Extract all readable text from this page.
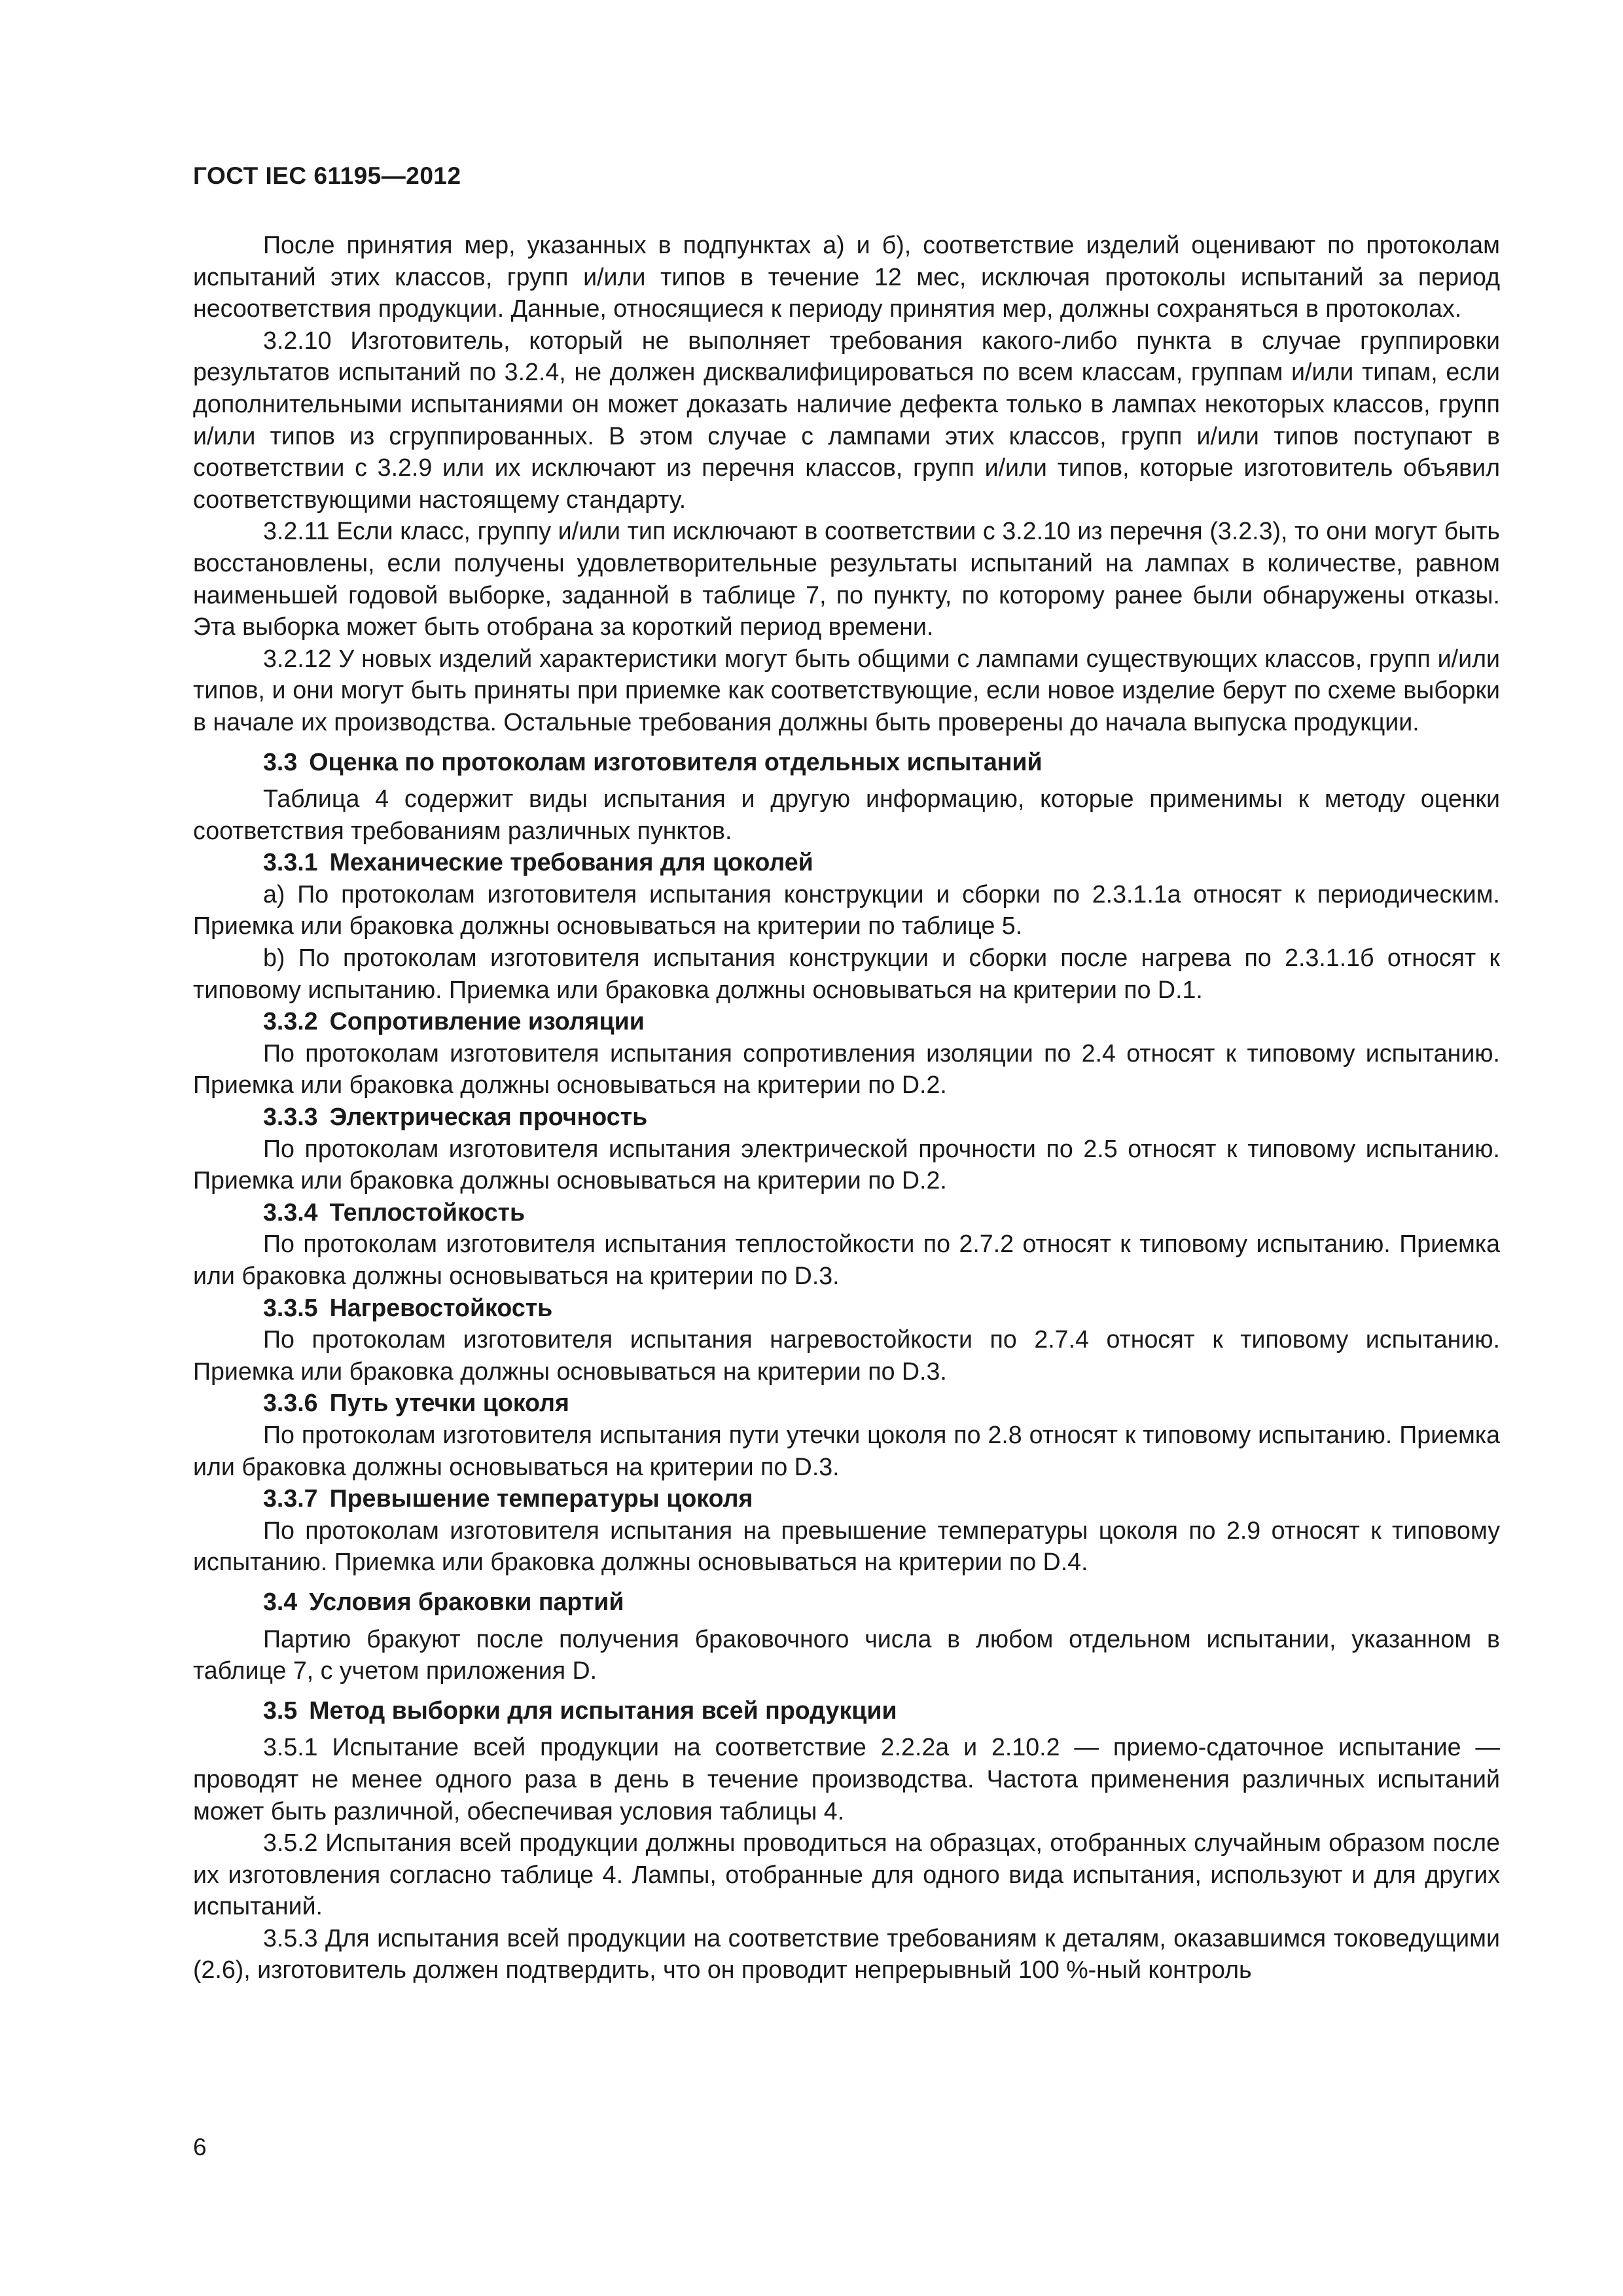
ГОСТ IEC 61195—2012

После принятия мер, указанных в подпунктах а) и б), соответствие изделий оценивают по протоколам испытаний этих классов, групп и/или типов в течение 12 мес, исключая протоколы испытаний за период несоответствия продукции. Данные, относящиеся к периоду принятия мер, должны сохраняться в протоколах.

3.2.10 Изготовитель, который не выполняет требования какого-либо пункта в случае группировки результатов испытаний по 3.2.4, не должен дисквалифицироваться по всем классам, группам и/или типам, если дополнительными испытаниями он может доказать наличие дефекта только в лампах некоторых классов, групп и/или типов из сгруппированных. В этом случае с лампами этих классов, групп и/или типов поступают в соответствии с 3.2.9 или их исключают из перечня классов, групп и/или типов, которые изготовитель объявил соответствующими настоящему стандарту.

3.2.11 Если класс, группу и/или тип исключают в соответствии с 3.2.10 из перечня (3.2.3), то они могут быть восстановлены, если получены удовлетворительные результаты испытаний на лампах в количестве, равном наименьшей годовой выборке, заданной в таблице 7, по пункту, по которому ранее были обнаружены отказы. Эта выборка может быть отобрана за короткий период времени.

3.2.12 У новых изделий характеристики могут быть общими с лампами существующих классов, групп и/или типов, и они могут быть приняты при приемке как соответствующие, если новое изделие берут по схеме выборки в начале их производства. Остальные требования должны быть проверены до начала выпуска продукции.

3.3 Оценка по протоколам изготовителя отдельных испытаний

Таблица 4 содержит виды испытания и другую информацию, которые применимы к методу оценки соответствия требованиям различных пунктов.

3.3.1 Механические требования для цоколей

a) По протоколам изготовителя испытания конструкции и сборки по 2.3.1.1а относят к периодическим. Приемка или браковка должны основываться на критерии по таблице 5.

b) По протоколам изготовителя испытания конструкции и сборки после нагрева по 2.3.1.1б относят к типовому испытанию. Приемка или браковка должны основываться на критерии по D.1.

3.3.2 Сопротивление изоляции

По протоколам изготовителя испытания сопротивления изоляции по 2.4 относят к типовому испытанию. Приемка или браковка должны основываться на критерии по D.2.

3.3.3 Электрическая прочность

По протоколам изготовителя испытания электрической прочности по 2.5 относят к типовому испытанию. Приемка или браковка должны основываться на критерии по D.2.

3.3.4 Теплостойкость

По протоколам изготовителя испытания теплостойкости по 2.7.2 относят к типовому испытанию. Приемка или браковка должны основываться на критерии по D.3.

3.3.5 Нагревостойкость

По протоколам изготовителя испытания нагревостойкости по 2.7.4 относят к типовому испытанию. Приемка или браковка должны основываться на критерии по D.3.

3.3.6 Путь утечки цоколя

По протоколам изготовителя испытания пути утечки цоколя по 2.8 относят к типовому испытанию. Приемка или браковка должны основываться на критерии по D.3.

3.3.7 Превышение температуры цоколя

По протоколам изготовителя испытания на превышение температуры цоколя по 2.9 относят к типовому испытанию. Приемка или браковка должны основываться на критерии по D.4.

3.4 Условия браковки партий

Партию бракуют после получения браковочного числа в любом отдельном испытании, указанном в таблице 7, с учетом приложения D.

3.5 Метод выборки для испытания всей продукции

3.5.1 Испытание всей продукции на соответствие 2.2.2а и 2.10.2 — приемо-сдаточное испытание — проводят не менее одного раза в день в течение производства. Частота применения различных испытаний может быть различной, обеспечивая условия таблицы 4.

3.5.2 Испытания всей продукции должны проводиться на образцах, отобранных случайным образом после их изготовления согласно таблице 4. Лампы, отобранные для одного вида испытания, используют и для других испытаний.

3.5.3 Для испытания всей продукции на соответствие требованиям к деталям, оказавшимся токоведущими (2.6), изготовитель должен подтвердить, что он проводит непрерывный 100 %-ный контроль

6
